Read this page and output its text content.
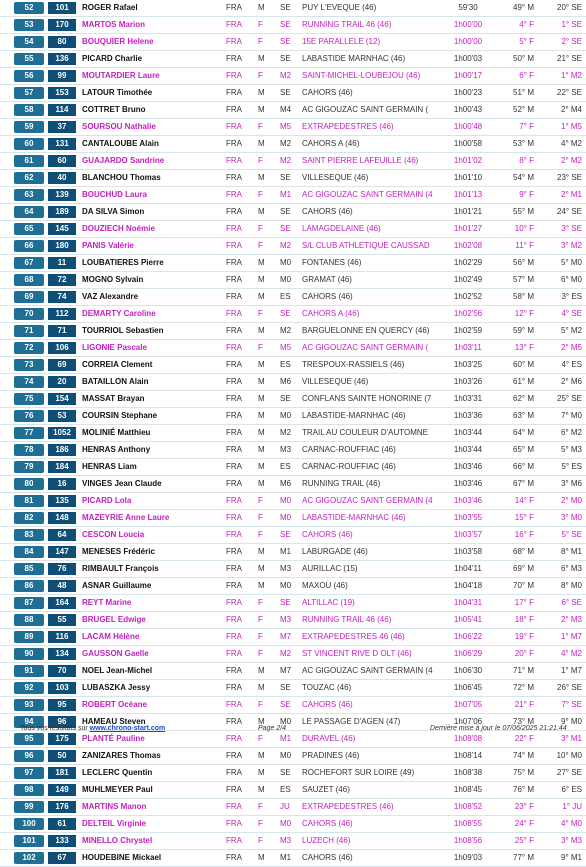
52	101	ROGER Rafael	FRA	M	SE	PUY L'EVEQUE (46)	59'30	49° M	20° SE
53	170	MARTOS Marion	FRA	F	SE	RUNNING TRAIL 46 (46)	1h00'00	4° F	1° SE
54	80	BOUQUIER Helene	FRA	F	SE	15E PARALLELE (12)	1h00'00	5° F	2° SE
55	136	PICARD Charlie	FRA	M	SE	LABASTIDE MARNHAC (46)	1h00'03	50° M	21° SE
56	99	MOUTARDIER Laure	FRA	F	M2	SAINT-MICHEL-LOUBEJOU (46)	1h00'17	6° F	1° M2
57	153	LATOUR Timothée	FRA	M	SE	CAHORS (46)	1h00'23	51° M	22° SE
58	114	COTTRET Bruno	FRA	M	M4	AC GIGOUZAC SAINT GERMAIN (	1h00'43	52° M	2° M4
59	37	SOURSOU Nathalie	FRA	F	M5	EXTRAPEDESTRES (46)	1h00'48	7° F	1° M5
60	131	CANTALOUBE Alain	FRA	M	M2	CAHORS A (46)	1h00'58	53° M	4° M2
61	60	GUAJARDO Sandrine	FRA	F	M2	SAINT PIERRE LAFEUILLE (46)	1h01'02	8° F	2° M2
62	40	BLANCHOU Thomas	FRA	M	SE	VILLESEQUE (46)	1h01'10	54° M	23° SE
63	139	BOUCHUD Laura	FRA	F	M1	AC GIGOUZAC SAINT GERMAIN (4	1h01'13	9° F	2° M1
64	189	DA SILVA Simon	FRA	M	SE	CAHORS (46)	1h01'21	55° M	24° SE
65	145	DOUZIECH Noémie	FRA	F	SE	LAMAGDELAINE (46)	1h01'27	10° F	3° SE
66	180	PANIS Valérie	FRA	F	M2	S/L CLUB ATHLETIQUE CAUSSAD	1h02'08	11° F	3° M2
67	11	LOUBATIERES Pierre	FRA	M	M0	FONTANES (46)	1h02'29	56° M	5° M0
68	72	MOGNO Sylvain	FRA	M	M0	GRAMAT (46)	1h02'49	57° M	6° M0
69	74	VAZ Alexandre	FRA	M	ES	CAHORS (46)	1h02'52	58° M	3° ES
70	112	DEMARTY Caroline	FRA	F	SE	CAHORS A (46)	1h02'56	12° F	4° SE
71	71	TOURRIOL Sebastien	FRA	M	M2	BARGUELONNE EN QUERCY (46)	1h02'59	59° M	5° M2
72	106	LIGONIE Pascale	FRA	F	M5	AC GIGOUZAC SAINT GERMAIN (	1h03'11	13° F	2° M5
73	69	CORREIA Clement	FRA	M	ES	TRESPOUX-RASSIELS (46)	1h03'25	60° M	4° ES
74	20	BATAILLON Alain	FRA	M	M6	VILLESEQUE (46)	1h03'26	61° M	2° M6
75	154	MASSAT Brayan	FRA	M	SE	CONFLANS SAINTE HONORINE (7	1h03'31	62° M	25° SE
76	53	COURSIN Stephane	FRA	M	M0	LABASTIDE-MARNHAC (46)	1h03'36	63° M	7° M0
77	1052	MOLINIÉ Matthieu	FRA	M	M2	TRAIL AU COULEUR D'AUTOMNE	1h03'44	64° M	6° M2
78	186	HENRAS Anthony	FRA	M	M3	CARNAC-ROUFFIAC (46)	1h03'44	65° M	5° M3
79	184	HENRAS Liam	FRA	M	ES	CARNAC-ROUFFIAC (46)	1h03'46	66° M	5° ES
80	16	VINGES Jean Claude	FRA	M	M6	RUNNING TRAIL (46)	1h03'46	67° M	3° M6
81	135	PICARD Lola	FRA	F	M0	AC GIGOUZAC SAINT GERMAIN (4	1h03'46	14° F	2° M0
82	148	MAZEYRIE Anne Laure	FRA	F	M0	LABASTIDE-MARNHAC (46)	1h03'55	15° F	3° M0
83	64	CESCON Loucia	FRA	F	SE	CAHORS (46)	1h03'57	16° F	5° SE
84	147	MENESES Frédéric	FRA	M	M1	LABURGADE (46)	1h03'58	68° M	8° M1
85	76	RIMBAULT François	FRA	M	M3	AURILLAC (15)	1h04'11	69° M	6° M3
86	48	ASNAR Guillaume	FRA	M	M0	MAXOU (46)	1h04'18	70° M	8° M0
87	164	REYT Marine	FRA	F	SE	ALTILLAC (19)	1h04'31	17° F	6° SE
88	55	BRUGEL Edwige	FRA	F	M3	RUNNING TRAIL 46 (46)	1h05'41	18° F	2° M3
89	116	LACAM Hélène	FRA	F	M7	EXTRAPEDESTRES 46 (46)	1h06'22	19° F	1° M7
90	134	GAUSSON Gaelle	FRA	F	M2	ST VINCENT RIVE D OLT (46)	1h06'29	20° F	4° M2
91	70	NOEL Jean-Michel	FRA	M	M7	AC GIGOUZAC SAINT GERMAIN (4	1h06'30	71° M	1° M7
92	103	LUBASZKA Jessy	FRA	M	SE	TOUZAC (46)	1h06'45	72° M	26° SE
93	95	ROBERT Océane	FRA	F	SE	CAHORS (46)	1h07'05	21° F	7° SE
94	96	HAMEAU Steven	FRA	M	M0	LE PASSAGE D'AGEN (47)	1h07'06	73° M	9° M0
95	175	PLANTÉ Pauline	FRA	F	M1	DURAVEL (46)	1h08'08	22° F	3° M1
96	50	ZANIZARES Thomas	FRA	M	M0	PRADINES (46)	1h08'14	74° M	10° M0
97	181	LECLERC Quentin	FRA	M	SE	ROCHEFORT SUR LOIRE (49)	1h08'38	75° M	27° SE
98	149	MUHLMEYER Paul	FRA	M	ES	SAUZET (46)	1h08'45	76° M	6° ES
99	176	MARTINS Manon	FRA	F	JU	EXTRAPEDESTRES (46)	1h08'52	23° F	1° JU
100	61	DELTEIL Virginie	FRA	F	M0	CAHORS (46)	1h08'55	24° F	4° M0
101	133	MINELLO Chrystel	FRA	F	M3	LUZECH (46)	1h08'56	25° F	3° M3
102	67	HOUDEBINE Mickael	FRA	M	M1	CAHORS (46)	1h09'03	77° M	9° M1
Tous vos résultats sur www.chrono-start.com	Page 2/4	Dernière mise à jour le 07/06/2025 21:21:44
